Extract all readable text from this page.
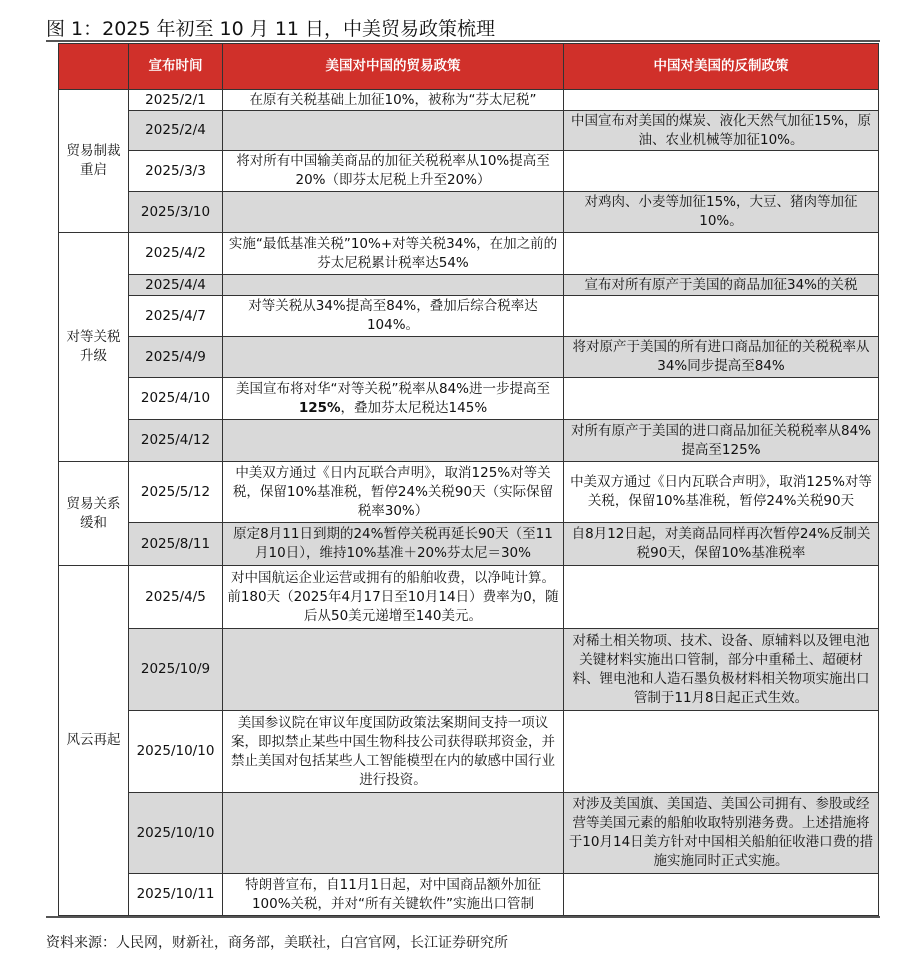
图 1：2025 年初至 10 月 11 日，中美贸易政策梳理
	宣布时间	美国对中国的贸易政策	中国对美国的反制政策
贸易制裁重启	2025/2/1	在原有关税基础上加征10%，被称为“芬太尼税”	
	2025/2/4		中国宣布对美国的煤炭、液化天然气加征15%，原油、农业机械等加征10%。
	2025/3/3	将对所有中国输美商品的加征关税税率从10%提高至20%（即芬太尼税上升至20%）	
	2025/3/10		对鸡肉、小麦等加征15%，大豆、猪肉等加征10%。
对等关税升级	2025/4/2	实施“最低基准关税”10%+对等关税34%，在加之前的芬太尼税累计税率达54%	
	2025/4/4		宣布对所有原产于美国的商品加征34%的关税
	2025/4/7	对等关税从34%提高至84%，叠加后综合税率达104%。	
	2025/4/9		将对原产于美国的所有进口商品加征的关税税率从34%同步提高至84%
	2025/4/10	美国宣布将对华“对等关税”税率从84%进一步提高至125%，叠加芬太尼税达145%	
	2025/4/12		对所有原产于美国的进口商品加征关税税率从84%提高至125%
贸易关系缓和	2025/5/12	中美双方通过《日内瓦联合声明》，取消125%对等关税，保留10%基准税，暂停24%关税90天（实际保留税率30%）	中美双方通过《日内瓦联合声明》，取消125%对等关税，保留10%基准税，暂停24%关税90天
	2025/8/11	原定8月11日到期的24%暂停关税再延长90天（至11月10日），维持10%基准＋20%芬太尼＝30%	自8月12日起，对美商品同样再次暂停24%反制关税90天，保留10%基准税率
风云再起	2025/4/5	对中国航运企业运营或拥有的船舶收费，以净吨计算。前180天（2025年4月17日至10月14日）费率为0，随后从50美元递增至140美元。	
	2025/10/9		对稀土相关物项、技术、设备、原辅料以及锂电池关键材料实施出口管制，部分中重稀土、超硬材料、锂电池和人造石墨负极材料相关物项实施出口管制于11月8日起正式生效。
	2025/10/10	美国参议院在审议年度国防政策法案期间支持一项议案，即拟禁止某些中国生物科技公司获得联邦资金，并禁止美国对包括某些人工智能模型在内的敏感中国行业进行投资。	
	2025/10/10		对涉及美国旗、美国造、美国公司拥有、参股或经营等美国元素的船舶收取特别港务费。上述措施将于10月14日美方针对中国相关船舶征收港口费的措施实施同时正式实施。
	2025/10/11	特朗普宣布，自11月1日起，对中国商品额外加征100%关税，并对“所有关键软件”实施出口管制	
资料来源：人民网，财新社，商务部，美联社，白宫官网，长江证券研究所
